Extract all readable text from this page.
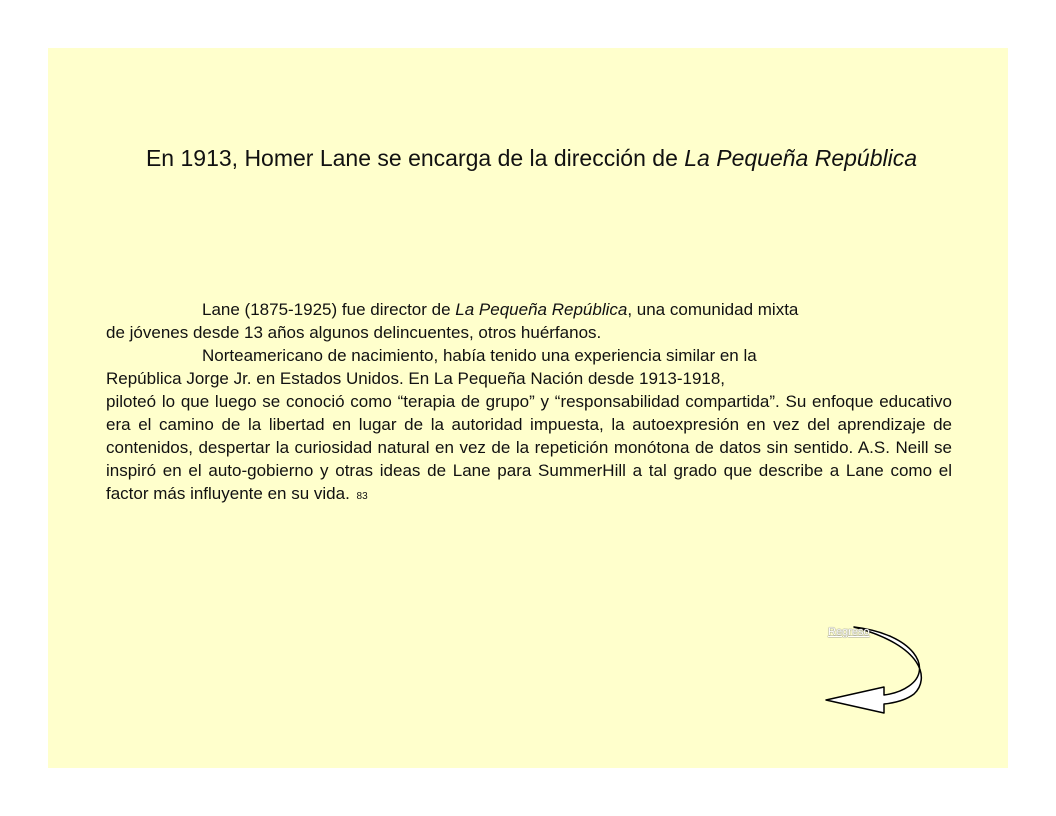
En 1913, Homer Lane se encarga de la dirección de La Pequeña República

Lane (1875-1925) fue director de La Pequeña República, una comunidad mixta

de jóvenes desde 13 años algunos delincuentes, otros huérfanos.

Norteamericano de nacimiento, había tenido una experiencia similar en la

República Jorge Jr. en Estados Unidos. En La Pequeña Nación desde 1913-1918,

piloteó lo que luego se conoció como “terapia de grupo” y “responsabilidad compartida”. Su enfoque educativo era el camino de la libertad en lugar de la autoridad impuesta, la autoexpresión en vez del aprendizaje de contenidos, despertar la curiosidad natural en vez de la repetición monótona de datos sin sentido. A.S. Neill se inspiró en el auto-gobierno y otras ideas de Lane para SummerHill a tal grado que describe a Lane como el factor más influyente en su vida. 83

Regreso
